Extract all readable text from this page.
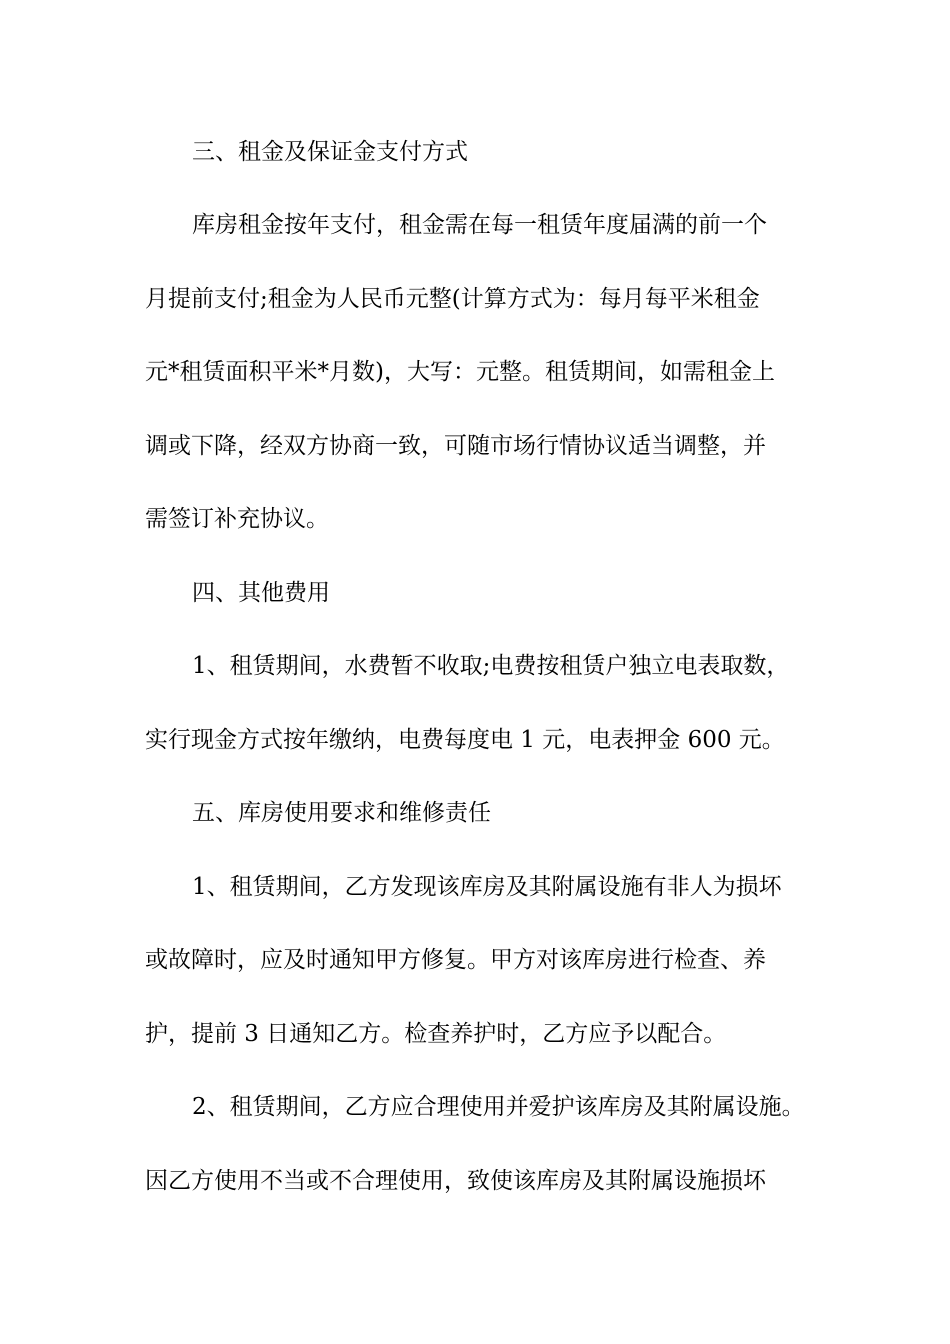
三、租金及保证金支付方式

库房租金按年支付，租金需在每一租赁年度届满的前一个

月提前支付;租金为人民币元整(计算方式为：每月每平米租金

元*租赁面积平米*月数)，大写：元整。租赁期间，如需租金上

调或下降，经双方协商一致，可随市场行情协议适当调整，并

需签订补充协议。

四、其他费用

1、租赁期间，水费暂不收取;电费按租赁户独立电表取数，

实行现金方式按年缴纳，电费每度电 1 元，电表押金 600 元。

五、库房使用要求和维修责任

1、租赁期间，乙方发现该库房及其附属设施有非人为损坏

或故障时，应及时通知甲方修复。甲方对该库房进行检查、养

护，提前 3 日通知乙方。检查养护时，乙方应予以配合。

2、租赁期间，乙方应合理使用并爱护该库房及其附属设施。

因乙方使用不当或不合理使用，致使该库房及其附属设施损坏
